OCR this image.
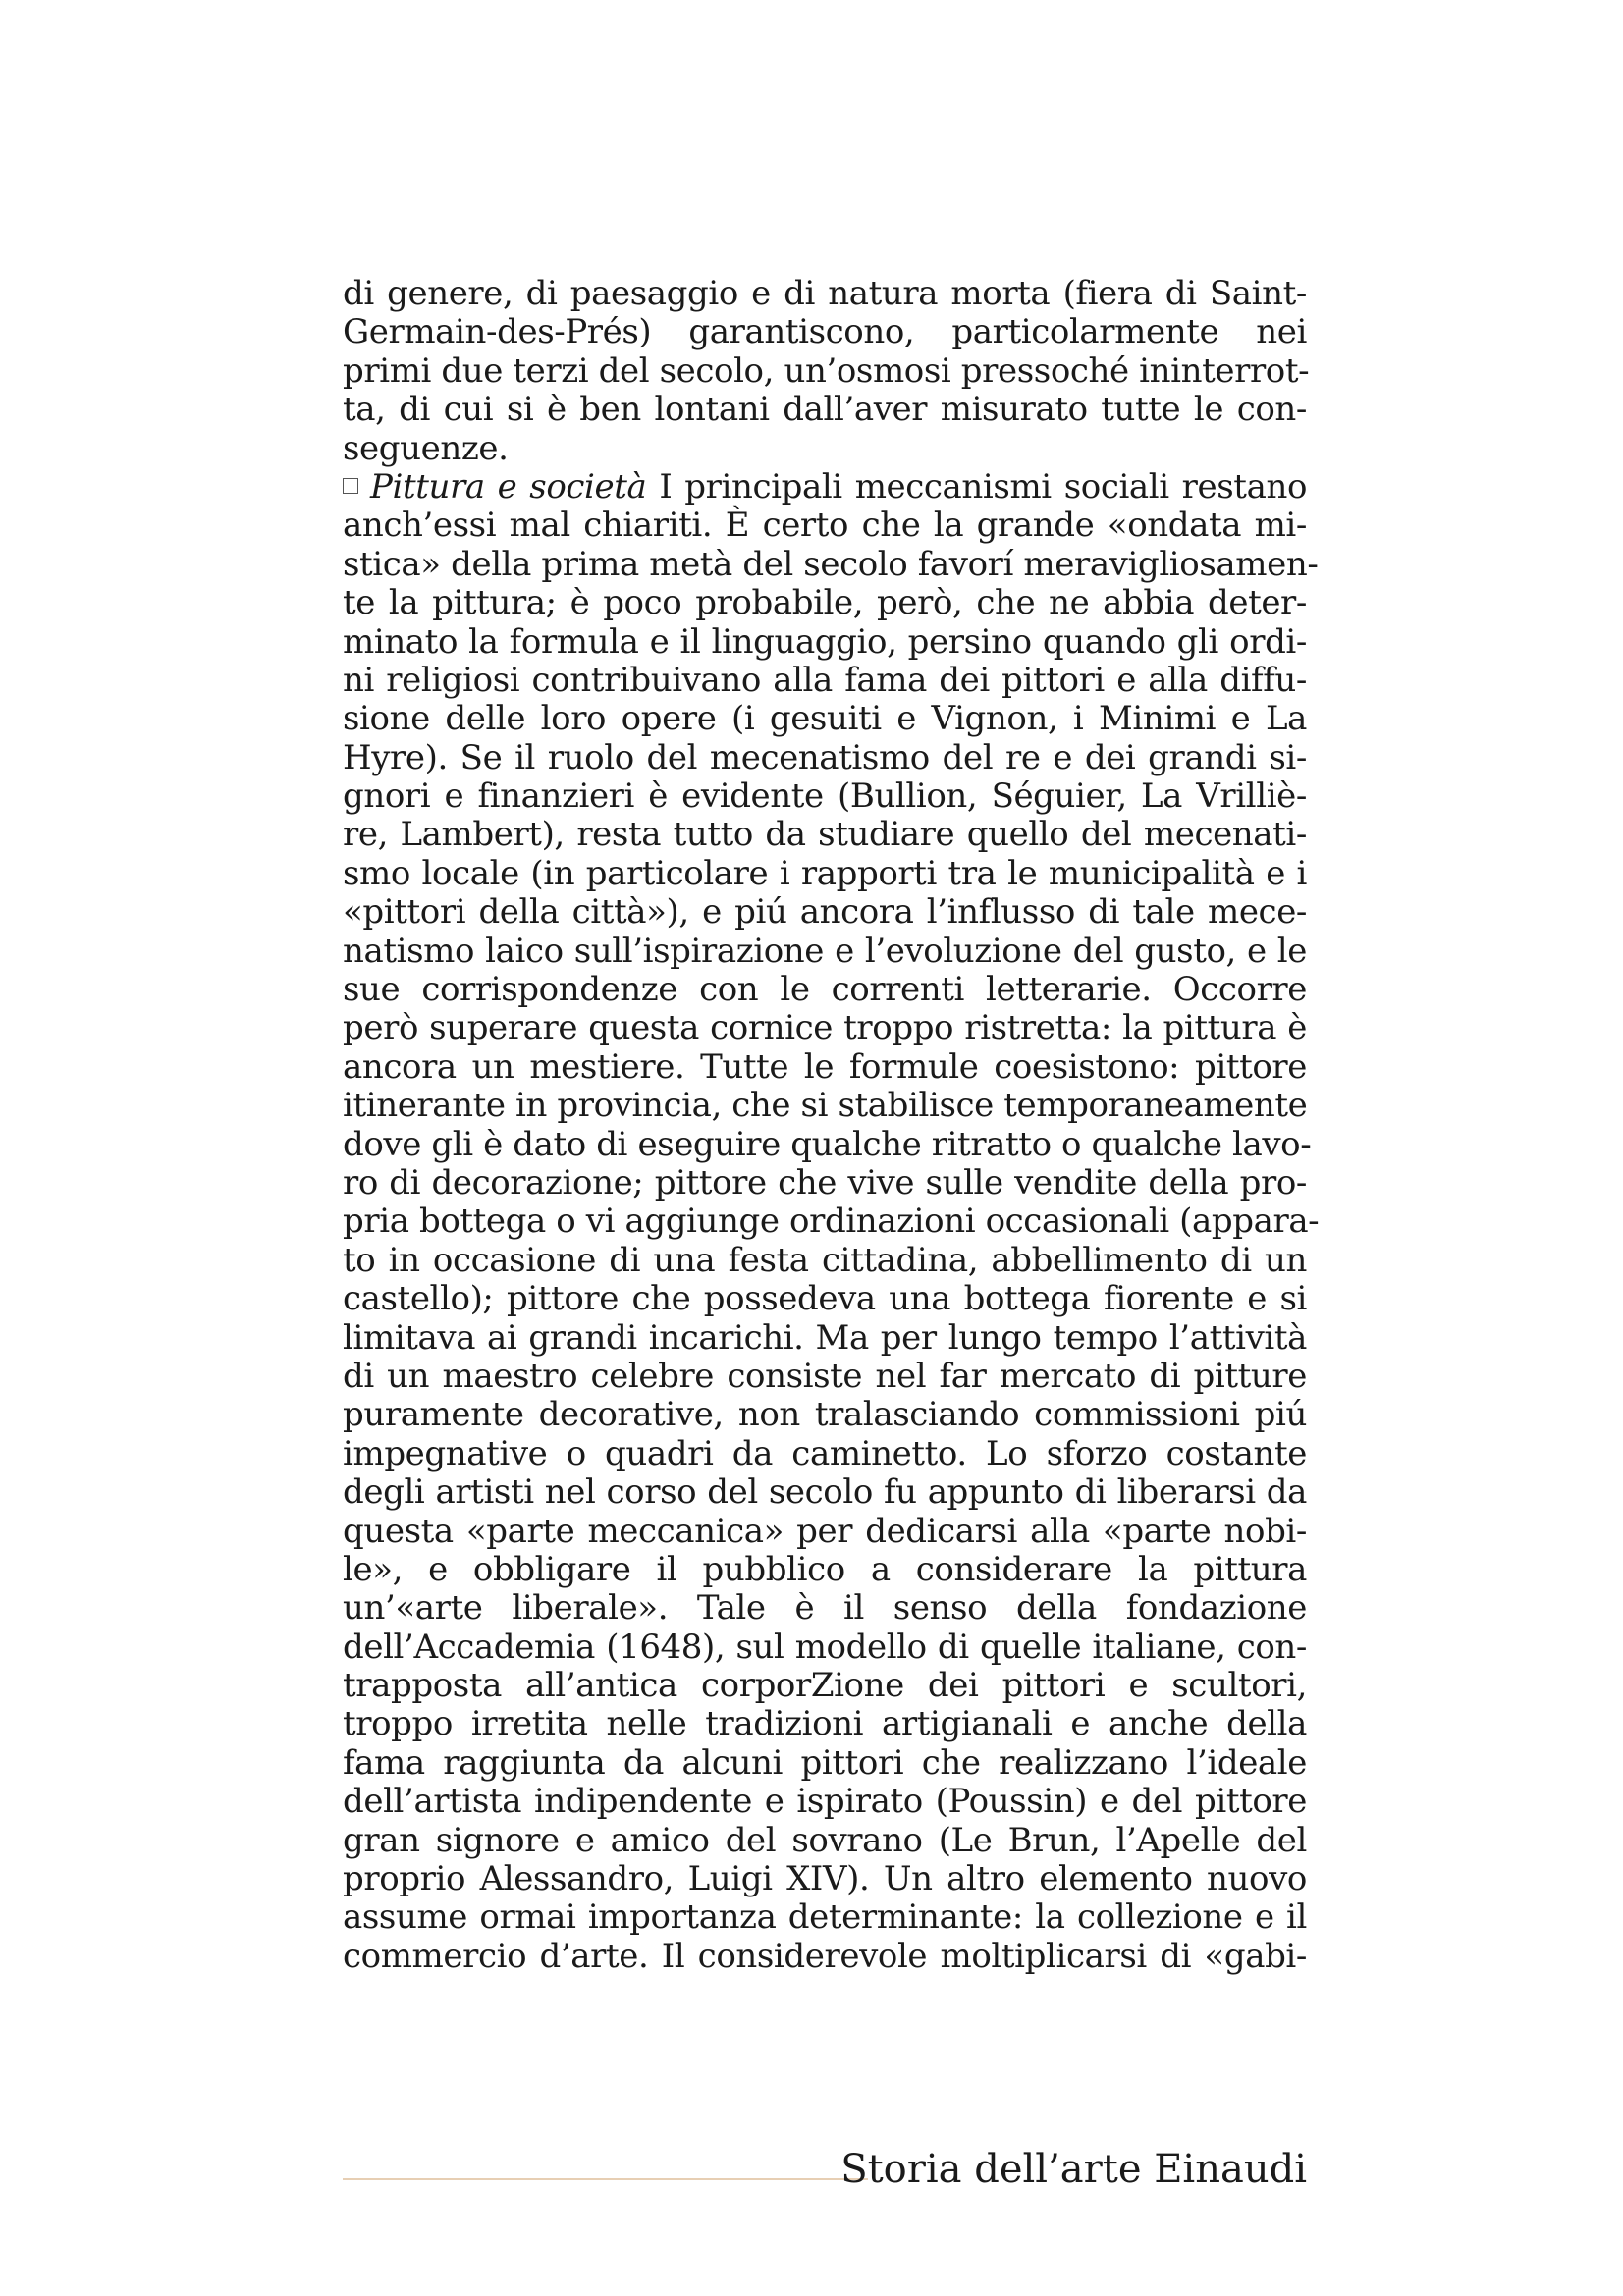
di genere, di paesaggio e di natura morta (fiera di Saint-
Germain-des-Prés) garantiscono, particolarmente nei
primi due terzi del secolo, un’osmosi pressoché ininterrot-
ta, di cui si è ben lontani dall’aver misurato tutte le con-
seguenze.
Pittura e società I principali meccanismi sociali restano
anch’essi mal chiariti. È certo che la grande «ondata mi-
stica» della prima metà del secolo favorí meravigliosamen-
te la pittura; è poco probabile, però, che ne abbia deter-
minato la formula e il linguaggio, persino quando gli ordi-
ni religiosi contribuivano alla fama dei pittori e alla diffu-
sione delle loro opere (i gesuiti e Vignon, i Minimi e La
Hyre). Se il ruolo del mecenatismo del re e dei grandi si-
gnori e finanzieri è evidente (Bullion, Séguier, La Vrilliè-
re, Lambert), resta tutto da studiare quello del mecenati-
smo locale (in particolare i rapporti tra le municipalità e i
«pittori della città»), e piú ancora l’influsso di tale mece-
natismo laico sull’ispirazione e l’evoluzione del gusto, e le
sue corrispondenze con le correnti letterarie. Occorre
però superare questa cornice troppo ristretta: la pittura è
ancora un mestiere. Tutte le formule coesistono: pittore
itinerante in provincia, che si stabilisce temporaneamente
dove gli è dato di eseguire qualche ritratto o qualche lavo-
ro di decorazione; pittore che vive sulle vendite della pro-
pria bottega o vi aggiunge ordinazioni occasionali (appara-
to in occasione di una festa cittadina, abbellimento di un
castello); pittore che possedeva una bottega fiorente e si
limitava ai grandi incarichi. Ma per lungo tempo l’attività
di un maestro celebre consiste nel far mercato di pitture
puramente decorative, non tralasciando commissioni piú
impegnative o quadri da caminetto. Lo sforzo costante
degli artisti nel corso del secolo fu appunto di liberarsi da
questa «parte meccanica» per dedicarsi alla «parte nobi-
le», e obbligare il pubblico a considerare la pittura
un’«arte liberale». Tale è il senso della fondazione
dell’Accademia (1648), sul modello di quelle italiane, con-
trapposta all’antica corporZione dei pittori e scultori,
troppo irretita nelle tradizioni artigianali e anche della
fama raggiunta da alcuni pittori che realizzano l’ideale
dell’artista indipendente e ispirato (Poussin) e del pittore
gran signore e amico del sovrano (Le Brun, l’Apelle del
proprio Alessandro, Luigi XIV). Un altro elemento nuovo
assume ormai importanza determinante: la collezione e il
commercio d’arte. Il considerevole moltiplicarsi di «gabi-
Storia dell’arte Einaudi
